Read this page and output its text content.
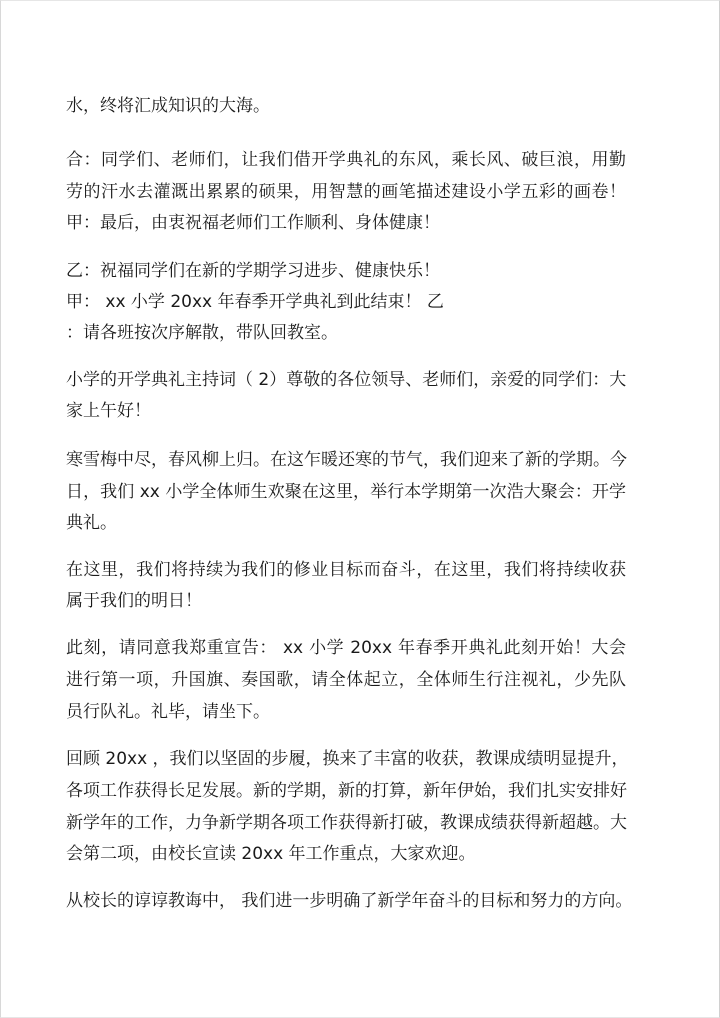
水，终将汇成知识的大海。
合：同学们、老师们，让我们借开学典礼的东风，乘长风、破巨浪，用勤
劳的汗水去灌溉出累累的硕果，用智慧的画笔描述建设小学五彩的画卷！
甲：最后，由衷祝福老师们工作顺利、身体健康！
乙：祝福同学们在新的学期学习进步、健康快乐！
甲： xx 小学 20xx 年春季开学典礼到此结束！ 乙
：请各班按次序解散，带队回教室。
小学的开学典礼主持词（ 2）尊敬的各位领导、老师们，亲爱的同学们：大
家上午好！
寒雪梅中尽，春风柳上归。在这乍暖还寒的节气，我们迎来了新的学期。今
日，我们 xx 小学全体师生欢聚在这里，举行本学期第一次浩大聚会：开学
典礼。
在这里，我们将持续为我们的修业目标而奋斗，在这里，我们将持续收获
属于我们的明日！
此刻，请同意我郑重宣告： xx 小学 20xx 年春季开典礼此刻开始！大会
进行第一项，升国旗、奏国歌，请全体起立，全体师生行注视礼，少先队
员行队礼。礼毕，请坐下。
回顾 20xx ，我们以坚固的步履，换来了丰富的收获，教课成绩明显提升，
各项工作获得长足发展。新的学期，新的打算，新年伊始，我们扎实安排好
新学年的工作，力争新学期各项工作获得新打破，教课成绩获得新超越。大
会第二项，由校长宣读 20xx 年工作重点，大家欢迎。
从校长的谆谆教诲中， 我们进一步明确了新学年奋斗的目标和努力的方向。
